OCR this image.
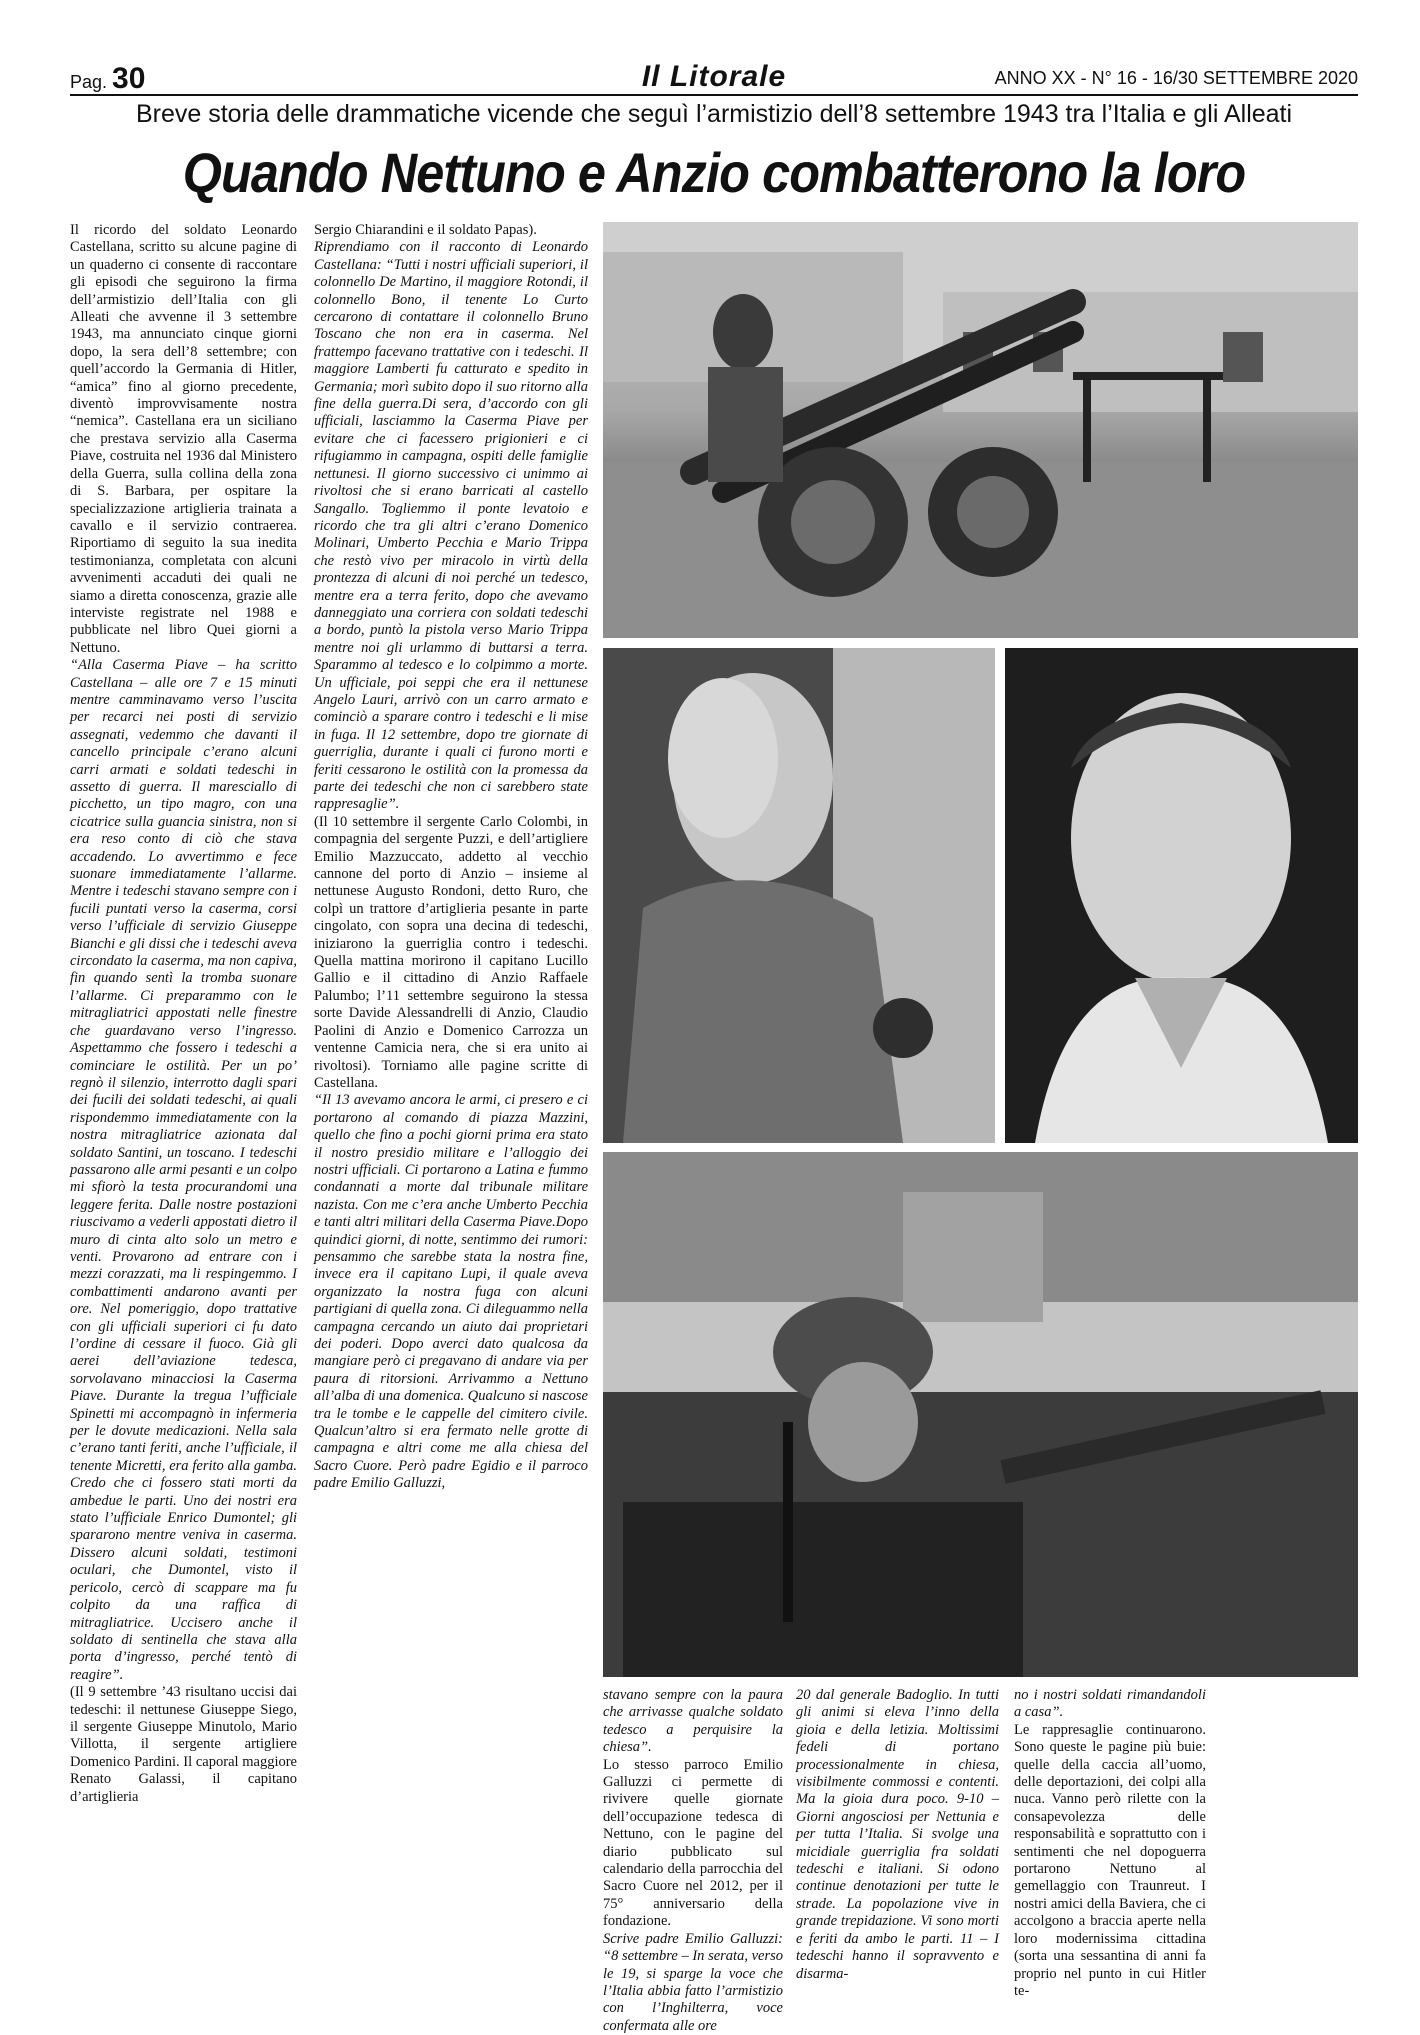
Pag. 30	Il Litorale	ANNO XX - N° 16 - 16/30 SETTEMBRE 2020
Breve storia delle drammatiche vicende che seguì l’armistizio dell’8 settembre 1943 tra l’Italia e gli Alleati
Quando Nettuno e Anzio combatterono la loro

Il ricordo del soldato Leonardo Castellana, scritto su alcune pagine di un quaderno ci consente di raccontare gli episodi che seguirono la firma dell’armistizio dell’Italia con gli Alleati che avvenne il 3 settembre 1943, ma annunciato cinque giorni dopo, la sera dell’8 settembre; con quell’accordo la Germania di Hitler, “amica” fino al giorno precedente, diventò improvvisamente nostra “nemica”. Castellana era un siciliano che prestava servizio alla Caserma Piave, costruita nel 1936 dal Ministero della Guerra, sulla collina della zona di S. Barbara, per ospitare la specializzazione artiglieria trainata a cavallo e il servizio contraerea. Riportiamo di seguito la sua inedita testimonianza, completata con alcuni avvenimenti accaduti dei quali ne siamo a diretta conoscenza, grazie alle interviste registrate nel 1988 e pubblicate nel libro Quei giorni a Nettuno.

“Alla Caserma Piave – ha scritto Castellana – alle ore 7 e 15 minuti mentre camminavamo verso l’uscita per recarci nei posti di servizio assegnati, vedemmo che davanti il cancello principale c’erano alcuni carri armati e soldati tedeschi in assetto di guerra. Il maresciallo di picchetto, un tipo magro, con una cicatrice sulla guancia sinistra, non si era reso conto di ciò che stava accadendo. Lo avvertimmo e fece suonare immediatamente l’allarme. Mentre i tedeschi stavano sempre con i fucili puntati verso la caserma, corsi verso l’ufficiale di servizio Giuseppe Bianchi e gli dissi che i tedeschi aveva circondato la caserma, ma non capiva, fin quando sentì la tromba suonare l’allarme. Ci preparammo con le mitragliatrici appostati nelle finestre che guardavano verso l’ingresso. Aspettammo che fossero i tedeschi a cominciare le ostilità. Per un po’ regnò il silenzio, interrotto dagli spari dei fucili dei soldati tedeschi, ai quali rispondemmo immediatamente con la nostra mitragliatrice azionata dal soldato Santini, un toscano. I tedeschi passarono alle armi pesanti e un colpo mi sfiorò la testa procurandomi una leggere ferita. Dalle nostre postazioni riuscivamo a vederli appostati dietro il muro di cinta alto solo un metro e venti. Provarono ad entrare con i mezzi corazzati, ma li respingemmo. I combattimenti andarono avanti per ore. Nel pomeriggio, dopo trattative con gli ufficiali superiori ci fu dato l’ordine di cessare il fuoco. Già gli aerei dell’aviazione tedesca, sorvolavano minacciosi la Caserma Piave. Durante la tregua l’ufficiale Spinetti mi accompagnò in infermeria per le dovute medicazioni. Nella sala c’erano tanti feriti, anche l’ufficiale, il tenente Micretti, era ferito alla gamba. Credo che ci fossero stati morti da ambedue le parti. Uno dei nostri era stato l’ufficiale Enrico Dumontel; gli spararono mentre veniva in caserma. Dissero alcuni soldati, testimoni oculari, che Dumontel, visto il pericolo, cercò di scappare ma fu colpito da una raffica di mitragliatrice. Uccisero anche il soldato di sentinella che stava alla porta d’ingresso, perché tentò di reagire”.

(Il 9 settembre ’43 risultano uccisi dai tedeschi: il nettunese Giuseppe Siego, il sergente Giuseppe Minutolo, Mario Villotta, il sergente artigliere Domenico Pardini. Il caporal maggiore Renato Galassi, il capitano d’artiglieria

Sergio Chiarandini e il soldato Papas).

Riprendiamo con il racconto di Leonardo Castellana: “Tutti i nostri ufficiali superiori, il colonnello De Martino, il maggiore Rotondi, il colonnello Bono, il tenente Lo Curto cercarono di contattare il colonnello Bruno Toscano che non era in caserma. Nel frattempo facevano trattative con i tedeschi. Il maggiore Lamberti fu catturato e spedito in Germania; morì subito dopo il suo ritorno alla fine della guerra.Di sera, d’accordo con gli ufficiali, lasciammo la Caserma Piave per evitare che ci facessero prigionieri e ci rifugiammo in campagna, ospiti delle famiglie nettunesi. Il giorno successivo ci unimmo ai rivoltosi che si erano barricati al castello Sangallo. Togliemmo il ponte levatoio e ricordo che tra gli altri c’erano Domenico Molinari, Umberto Pecchia e Mario Trippa che restò vivo per miracolo in virtù della prontezza di alcuni di noi perché un tedesco, mentre era a terra ferito, dopo che avevamo danneggiato una corriera con soldati tedeschi a bordo, puntò la pistola verso Mario Trippa mentre noi gli urlammo di buttarsi a terra. Sparammo al tedesco e lo colpimmo a morte. Un ufficiale, poi seppi che era il nettunese Angelo Lauri, arrivò con un carro armato e cominciò a sparare contro i tedeschi e li mise in fuga. Il 12 settembre, dopo tre giornate di guerriglia, durante i quali ci furono morti e feriti cessarono le ostilità con la promessa da parte dei tedeschi che non ci sarebbero state rappresaglie”.

(Il 10 settembre il sergente Carlo Colombi, in compagnia del sergente Puzzi, e dell’artigliere Emilio Mazzuccato, addetto al vecchio cannone del porto di Anzio – insieme al nettunese Augusto Rondoni, detto Ruro, che colpì un trattore d’artiglieria pesante in parte cingolato, con sopra una decina di tedeschi, iniziarono la guerriglia contro i tedeschi. Quella mattina morirono il capitano Lucillo Gallio e il cittadino di Anzio Raffaele Palumbo; l’11 settembre seguirono la stessa sorte Davide Alessandrelli di Anzio, Claudio Paolini di Anzio e Domenico Carrozza un ventenne Camicia nera, che si era unito ai rivoltosi). Torniamo alle pagine scritte di Castellana.

“Il 13 avevamo ancora le armi, ci presero e ci portarono al comando di piazza Mazzini, quello che fino a pochi giorni prima era stato il nostro presidio militare e l’alloggio dei nostri ufficiali. Ci portarono a Latina e fummo condannati a morte dal tribunale militare nazista. Con me c’era anche Umberto Pecchia e tanti altri militari della Caserma Piave.Dopo quindici giorni, di notte, sentimmo dei rumori: pensammo che sarebbe stata la nostra fine, invece era il capitano Lupi, il quale aveva organizzato la nostra fuga con alcuni partigiani di quella zona. Ci dileguammo nella campagna cercando un aiuto dai proprietari dei poderi. Dopo averci dato qualcosa da mangiare però ci pregavano di andare via per paura di ritorsioni. Arrivammo a Nettuno all’alba di una domenica. Qualcuno si nascose tra le tombe e le cappelle del cimitero civile. Qualcun’altro si era fermato nelle grotte di campagna e altri come me alla chiesa del Sacro Cuore. Però padre Egidio e il parroco padre Emilio Galluzzi,

stavano sempre con la paura che arrivasse qualche soldato tedesco a perquisire la chiesa”.

Lo stesso parroco Emilio Galluzzi ci permette di rivivere quelle giornate dell’occupazione tedesca di Nettuno, con le pagine del diario pubblicato sul calendario della parrocchia del Sacro Cuore nel 2012, per il 75° anniversario della fondazione.

Scrive padre Emilio Galluzzi: “8 settembre – In serata, verso le 19, si sparge la voce che l’Italia abbia fatto l’armistizio con l’Inghilterra, voce confermata alle ore

20 dal generale Badoglio. In tutti gli animi si eleva l’inno della gioia e della letizia. Moltissimi fedeli di portano processionalmente in chiesa, visibilmente commossi e contenti. Ma la gioia dura poco. 9-10 – Giorni angosciosi per Nettunia e per tutta l’Italia. Si svolge una micidiale guerriglia fra soldati tedeschi e italiani. Si odono continue denotazioni per tutte le strade. La popolazione vive in grande trepidazione. Vi sono morti e feriti da ambo le parti. 11 – I tedeschi hanno il sopravvento e disarma-

no i nostri soldati rimandandoli a casa”.

Le rappresaglie continuarono. Sono queste le pagine più buie: quelle della caccia all’uomo, delle deportazioni, dei colpi alla nuca. Vanno però rilette con la consapevolezza delle responsabilità e soprattutto con i sentimenti che nel dopoguerra portarono Nettuno al gemellaggio con Traunreut. I nostri amici della Baviera, che ci accolgono a braccia aperte nella loro modernissima cittadina (sorta una sessantina di anni fa proprio nel punto in cui Hitler te-
